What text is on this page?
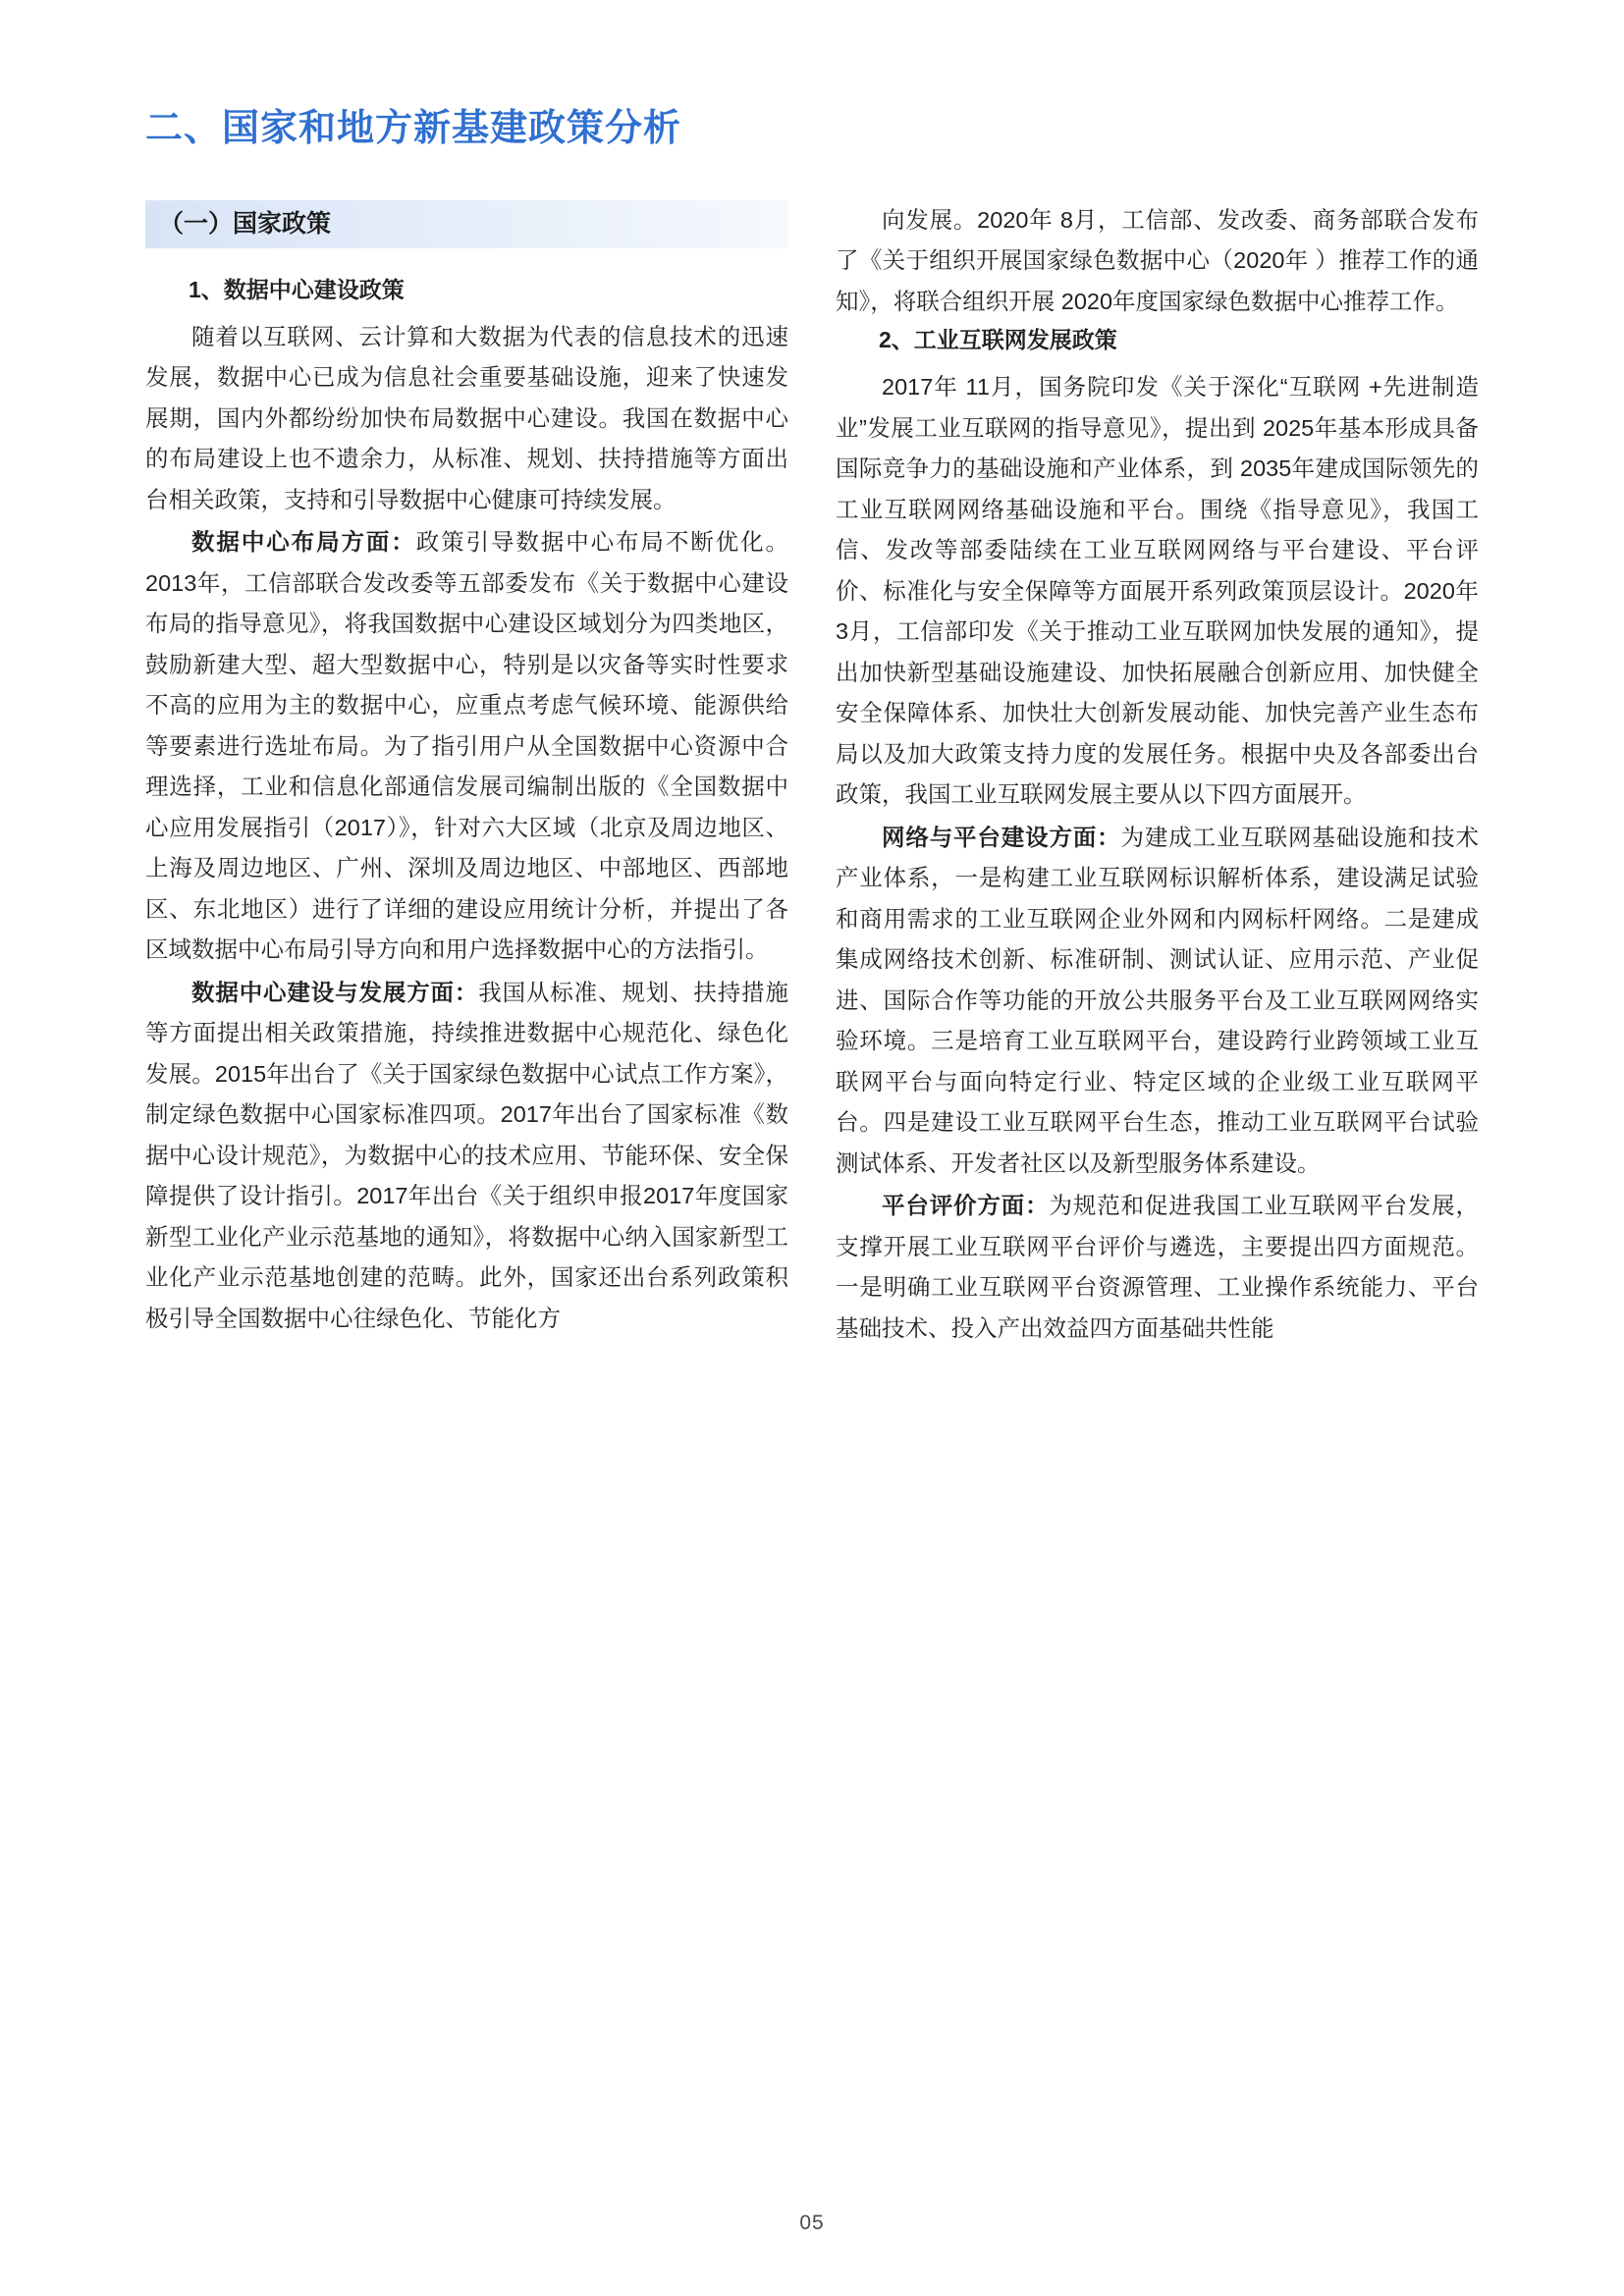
二、国家和地方新基建政策分析
（一）国家政策
1、数据中心建设政策

随着以互联网、云计算和大数据为代表的信息技术的迅速发展，数据中心已成为信息社会重要基础设施，迎来了快速发展期，国内外都纷纷加快布局数据中心建设。我国在数据中心的布局建设上也不遗余力，从标准、规划、扶持措施等方面出台相关政策，支持和引导数据中心健康可持续发展。

数据中心布局方面：政策引导数据中心布局不断优化。2013年，工信部联合发改委等五部委发布《关于数据中心建设布局的指导意见》，将我国数据中心建设区域划分为四类地区，鼓励新建大型、超大型数据中心，特别是以灾备等实时性要求不高的应用为主的数据中心，应重点考虑气候环境、能源供给等要素进行选址布局。为了指引用户从全国数据中心资源中合理选择，工业和信息化部通信发展司编制出版的《全国数据中心应用发展指引（2017）》，针对六大区域（北京及周边地区、上海及周边地区、广州、深圳及周边地区、中部地区、西部地区、东北地区）进行了详细的建设应用统计分析，并提出了各区域数据中心布局引导方向和用户选择数据中心的方法指引。

数据中心建设与发展方面：我国从标准、规划、扶持措施等方面提出相关政策措施，持续推进数据中心规范化、绿色化发展。2015年出台了《关于国家绿色数据中心试点工作方案》，制定绿色数据中心国家标准四项。2017年出台了国家标准《数据中心设计规范》，为数据中心的技术应用、节能环保、安全保障提供了设计指引。2017年出台《关于组织申报2017年度国家新型工业化产业示范基地的通知》，将数据中心纳入国家新型工业化产业示范基地创建的范畴。此外，国家还出台系列政策积极引导全国数据中心往绿色化、节能化方

向发展。2020年 8月，工信部、发改委、商务部联合发布了《关于组织开展国家绿色数据中心（2020年 ）推荐工作的通知》，将联合组织开展 2020年度国家绿色数据中心推荐工作。

2、工业互联网发展政策

2017年 11月，国务院印发《关于深化“互联网 +先进制造业”发展工业互联网的指导意见》，提出到 2025年基本形成具备国际竞争力的基础设施和产业体系，到 2035年建成国际领先的工业互联网网络基础设施和平台。围绕《指导意见》，我国工信、发改等部委陆续在工业互联网网络与平台建设、平台评价、标准化与安全保障等方面展开系列政策顶层设计。2020年 3月，工信部印发《关于推动工业互联网加快发展的通知》，提出加快新型基础设施建设、加快拓展融合创新应用、加快健全安全保障体系、加快壮大创新发展动能、加快完善产业生态布局以及加大政策支持力度的发展任务。根据中央及各部委出台政策，我国工业互联网发展主要从以下四方面展开。

网络与平台建设方面：为建成工业互联网基础设施和技术产业体系，一是构建工业互联网标识解析体系，建设满足试验和商用需求的工业互联网企业外网和内网标杆网络。二是建成集成网络技术创新、标准研制、测试认证、应用示范、产业促进、国际合作等功能的开放公共服务平台及工业互联网网络实验环境。三是培育工业互联网平台，建设跨行业跨领域工业互联网平台与面向特定行业、特定区域的企业级工业互联网平台。四是建设工业互联网平台生态，推动工业互联网平台试验测试体系、开发者社区以及新型服务体系建设。

平台评价方面：为规范和促进我国工业互联网平台发展，支撑开展工业互联网平台评价与遴选，主要提出四方面规范。一是明确工业互联网平台资源管理、工业操作系统能力、平台基础技术、投入产出效益四方面基础共性能

05
